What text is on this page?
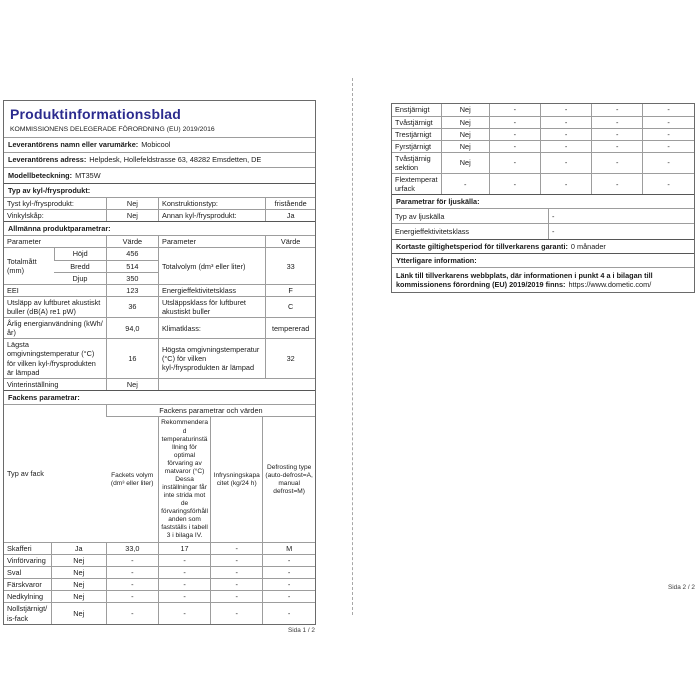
Produktinformationsblad
KOMMISSIONENS DELEGERADE FÖRORDNING (EU) 2019/2016
Leverantörens namn eller varumärke: Mobicool
Leverantörens adress: Helpdesk, Hollefeldstrasse 63, 48282 Emsdetten, DE
Modellbeteckning: MT35W
Typ av kyl-/frysprodukt:			
Tyst kyl-/frysprodukt:	Nej	Konstruktionstyp:	fristående
Vinkylskåp:	Nej	Annan kyl-/frysprodukt:	Ja
Allmänna produktparametrar:				
Parameter		Värde	Parameter	Värde
Totalmått (mm)	Höjd	456	Totalvolym (dm³ eller liter)	33
	Bredd	514		
	Djup	350		
EEI		123	Energieffektivitetsklass	F
Utsläpp av luftburet akustiskt buller (dB(A) re1 pW)		36	Utsläppsklass för luftburet akustiskt buller	C
Årlig energianvändning (kWh/år)		94,0	Klimatklass:	tempererad
Lägsta omgivningstemperatur (°C) för vilken kyl-/frysprodukten är lämpad		16	Högsta omgivningstemperatur (°C) för vilken kyl-/frysprodukten är lämpad	32
Vinterinställning		Nej		
Fackens parametrar:					
Typ av fack		Fackens parametrar och värden			
		Fackets volym (dm³ eller liter)	Rekommenderad temperaturinställning för optimal förvaring av matvaror (°C) Dessa inställningar får inte strida mot de förvaringsförhållanden som fastställs i tabell 3 i bilaga IV.	Infrysningskapacitet (kg/24 h)	Defrosting type (auto-defrost=A, manual defrost=M)
Skafferi	Ja	33,0	17	-	M
Vinförvaring	Nej	-	-	-	-
Sval	Nej	-	-	-	-
Färskvaror	Nej	-	-	-	-
Nedkylning	Nej	-	-	-	-
Nollstjärnigt/is-fack	Nej	-	-	-	-
Sida 1 / 2
Enstjärnigt	Nej	-	-	-	-
Tvåstjärnigt	Nej	-	-	-	-
Trestjärnigt	Nej	-	-	-	-
Fyrstjärnigt	Nej	-	-	-	-
Tvåstjärnig sektion	Nej	-	-	-	-
Flextemperaturfack	-	-	-	-	-
Parametrar för ljuskälla:	
Typ av ljuskälla	-
Energieffektivitetsklass	-
Kortaste giltighetsperiod för tillverkarens garanti: 0 månader
Ytterligare information:
Länk till tillverkarens webbplats, där informationen i punkt 4 a i bilagan till kommissionens förordning (EU) 2019/2019 finns: https://www.dometic.com/
Sida 2 / 2
